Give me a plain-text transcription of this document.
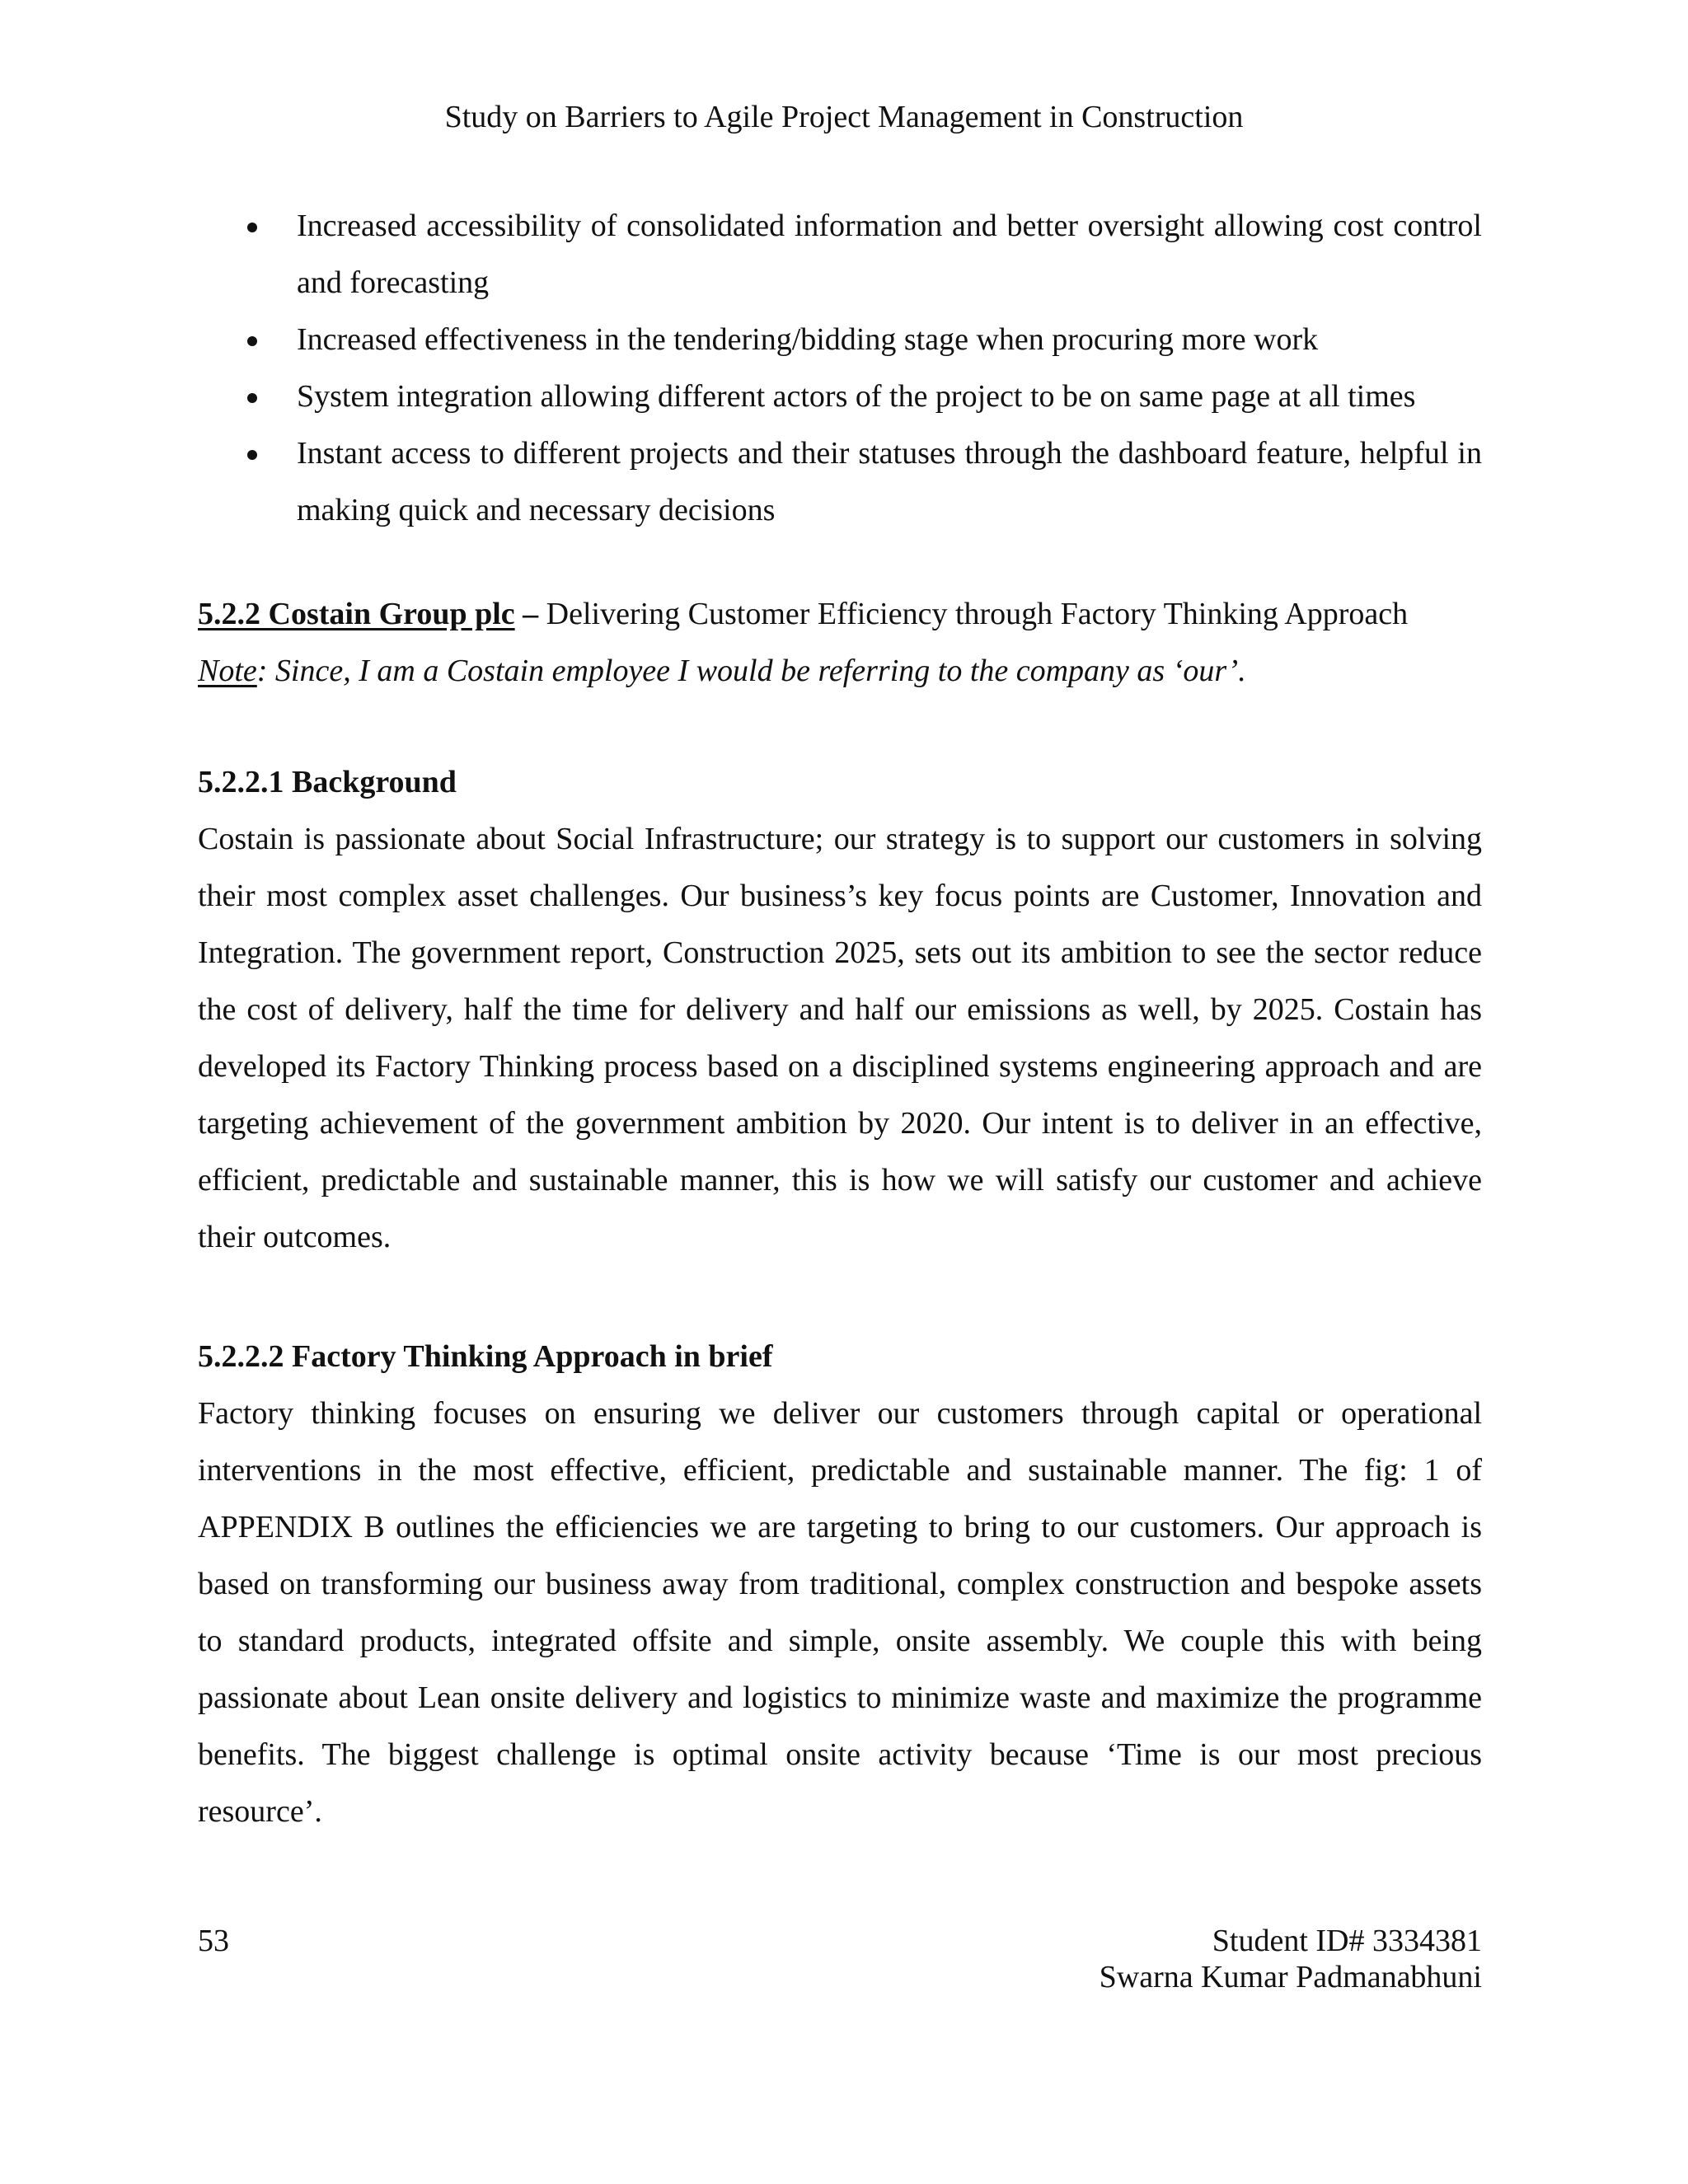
Study on Barriers to Agile Project Management in Construction
Increased accessibility of consolidated information and better oversight allowing cost control and forecasting
Increased effectiveness in the tendering/bidding stage when procuring more work
System integration allowing different actors of the project to be on same page at all times
Instant access to different projects and their statuses through the dashboard feature, helpful in making quick and necessary decisions
5.2.2 Costain Group plc – Delivering Customer Efficiency through Factory Thinking Approach
Note: Since, I am a Costain employee I would be referring to the company as ‘our’.
5.2.2.1 Background

Costain is passionate about Social Infrastructure; our strategy is to support our customers in solving their most complex asset challenges. Our business’s key focus points are Customer, Innovation and Integration. The government report, Construction 2025, sets out its ambition to see the sector reduce the cost of delivery, half the time for delivery and half our emissions as well, by 2025. Costain has developed its Factory Thinking process based on a disciplined systems engineering approach and are targeting achievement of the government ambition by 2020. Our intent is to deliver in an effective, efficient, predictable and sustainable manner, this is how we will satisfy our customer and achieve their outcomes.

5.2.2.2 Factory Thinking Approach in brief

Factory thinking focuses on ensuring we deliver our customers through capital or operational interventions in the most effective, efficient, predictable and sustainable manner. The fig: 1 of APPENDIX B outlines the efficiencies we are targeting to bring to our customers. Our approach is based on transforming our business away from traditional, complex construction and bespoke assets to standard products, integrated offsite and simple, onsite assembly. We couple this with being passionate about Lean onsite delivery and logistics to minimize waste and maximize the programme benefits. The biggest challenge is optimal onsite activity because ‘Time is our most precious resource’.

53	Student ID# 3334381
Swarna Kumar Padmanabhuni
